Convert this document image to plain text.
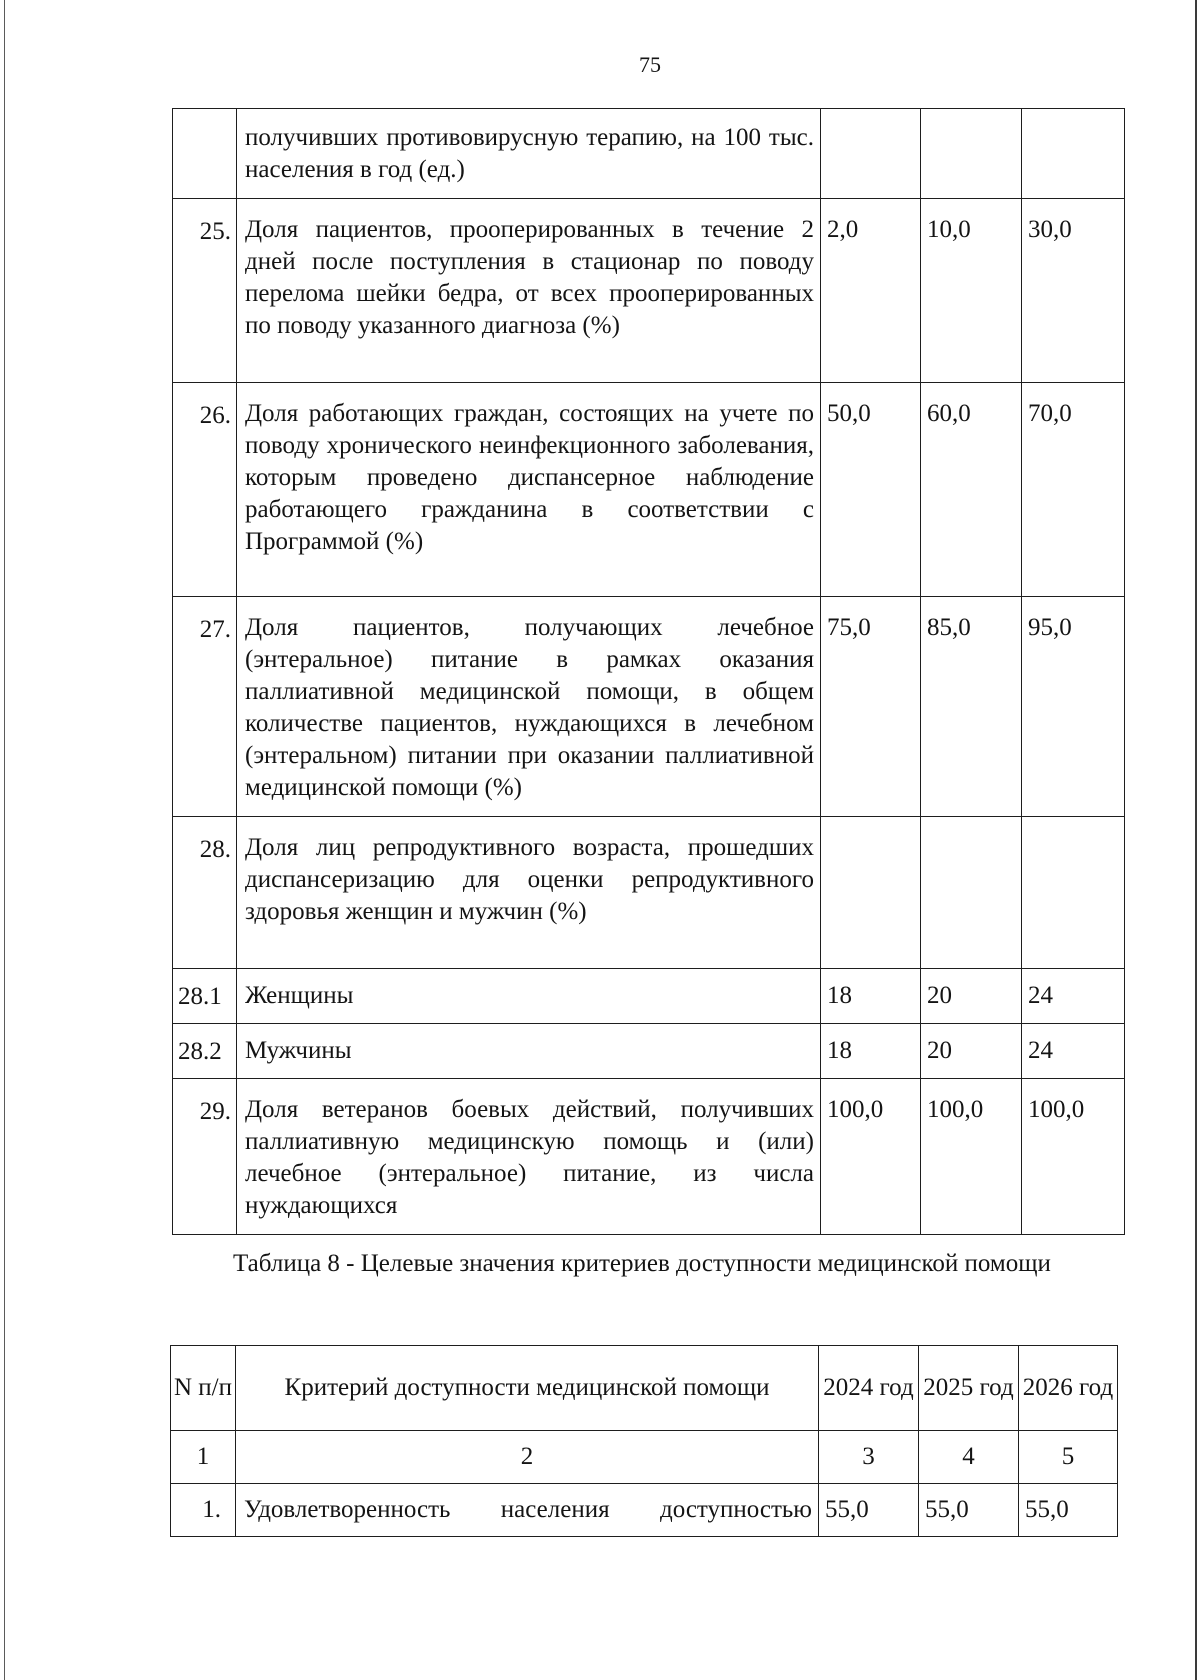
75
	получивших противовирусную терапию, на 100 тыс. населения в год (ед.)			
25.	Доля пациентов, прооперированных в течение 2 дней после поступления в стационар по поводу перелома шейки бедра, от всех прооперированных по поводу указанного диагноза (%)	2,0	10,0	30,0
26.	Доля работающих граждан, состоящих на учете по поводу хронического неинфекционного заболевания, которым проведено диспансерное наблюдение работающего гражданина в соответствии с Программой (%)	50,0	60,0	70,0
27.	Доля пациентов, получающих лечебное (энтеральное) питание в рамках оказания паллиативной медицинской помощи, в общем количестве пациентов, нуждающихся в лечебном (энтеральном) питании при оказании паллиативной медицинской помощи (%)	75,0	85,0	95,0
28.	Доля лиц репродуктивного возраста, прошедших диспансеризацию для оценки репродуктивного здоровья женщин и мужчин (%)			
28.1	Женщины	18	20	24
28.2	Мужчины	18	20	24
29.	Доля ветеранов боевых действий, получивших паллиативную медицинскую помощь и (или) лечебное (энтеральное) питание, из числа нуждающихся	100,0	100,0	100,0
Таблица 8 - Целевые значения критериев доступности медицинской помощи
N п/п	Критерий доступности медицинской помощи	2024 год	2025 год	2026 год
1	2	3	4	5
1.	Удовлетворенность населения доступностью	55,0	55,0	55,0
